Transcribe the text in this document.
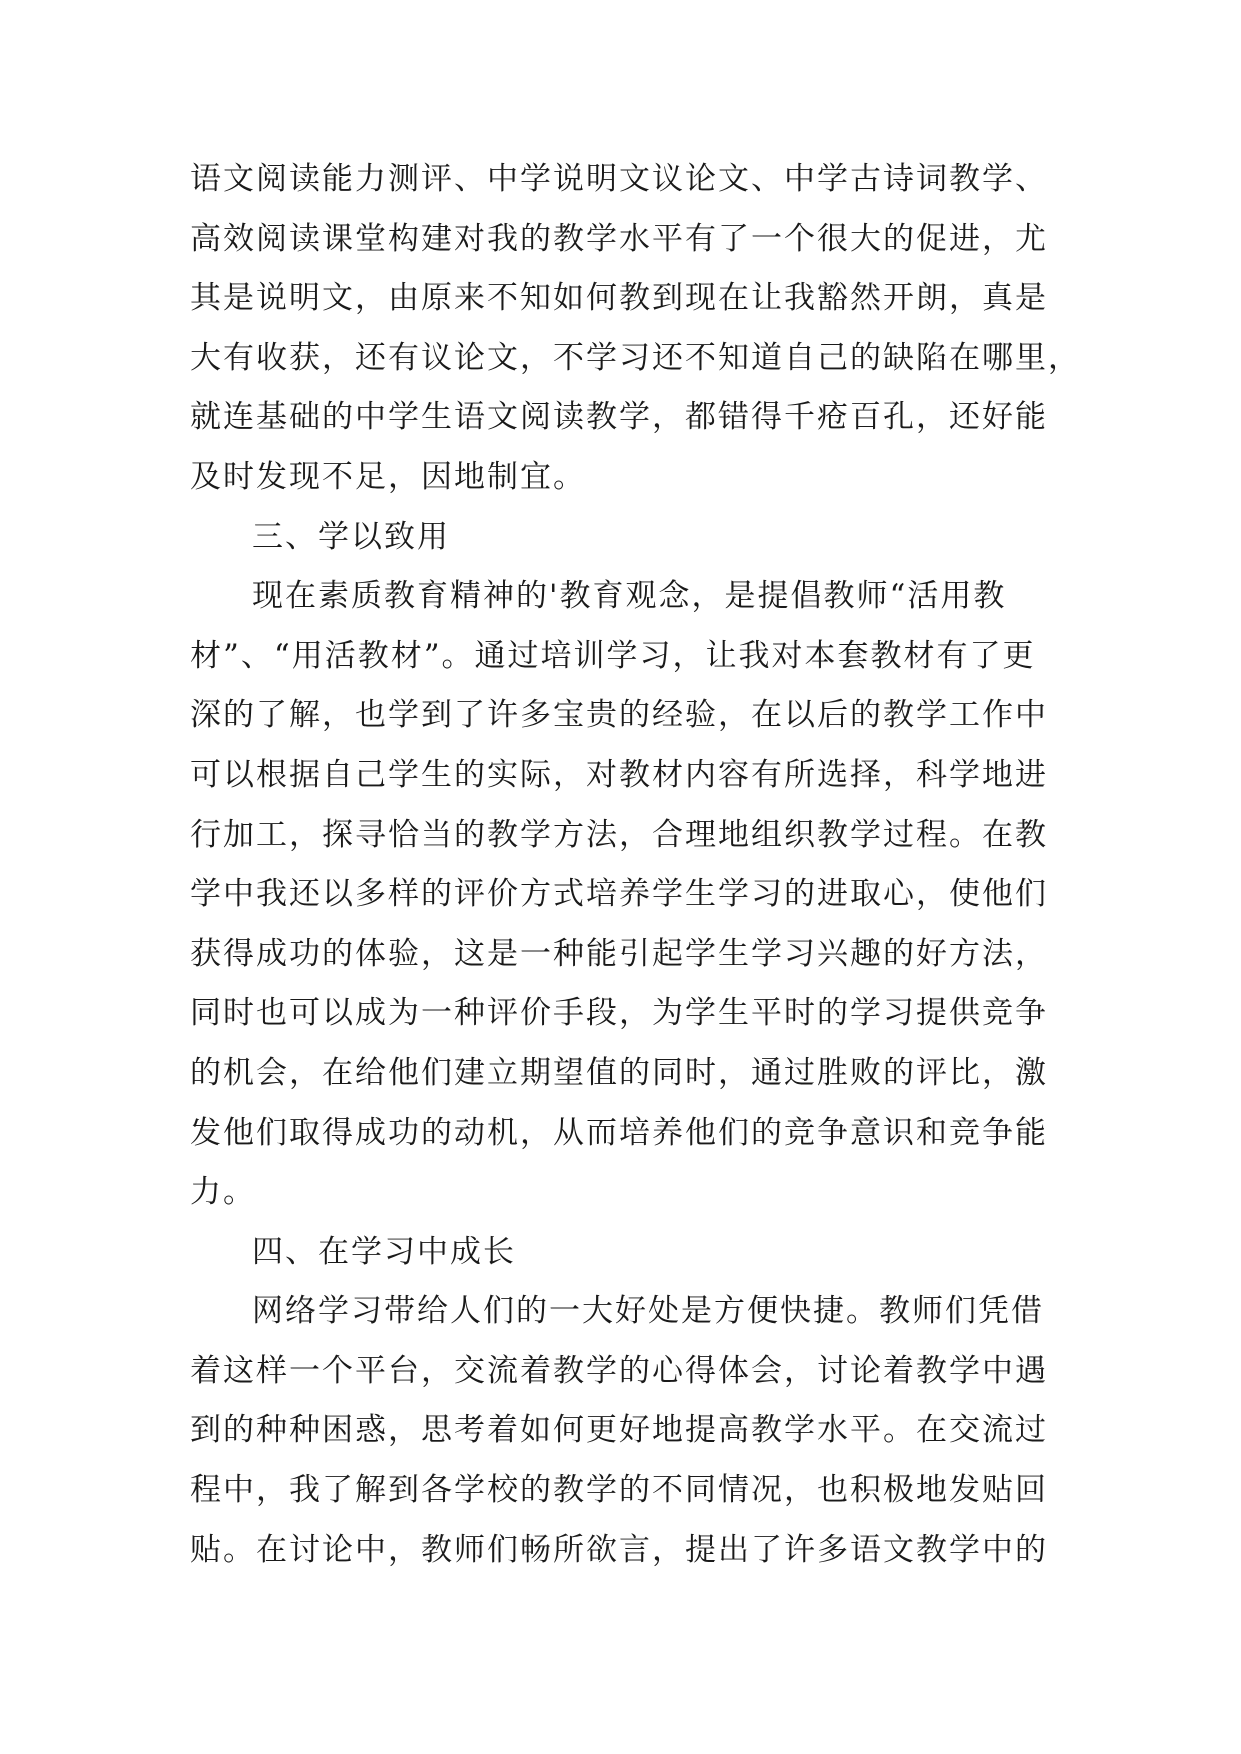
语文阅读能力测评、中学说明文议论文、中学古诗词教学、
高效阅读课堂构建对我的教学水平有了一个很大的促进，尤
其是说明文，由原来不知如何教到现在让我豁然开朗，真是
大有收获，还有议论文，不学习还不知道自己的缺陷在哪里，
就连基础的中学生语文阅读教学，都错得千疮百孔，还好能
及时发现不足，因地制宜。
三、学以致用
现在素质教育精神的'教育观念，是提倡教师“活用教
材”、“用活教材”。通过培训学习，让我对本套教材有了更
深的了解，也学到了许多宝贵的经验，在以后的教学工作中
可以根据自己学生的实际，对教材内容有所选择，科学地进
行加工，探寻恰当的教学方法，合理地组织教学过程。在教
学中我还以多样的评价方式培养学生学习的进取心，使他们
获得成功的体验，这是一种能引起学生学习兴趣的好方法，
同时也可以成为一种评价手段，为学生平时的学习提供竞争
的机会，在给他们建立期望值的同时，通过胜败的评比，激
发他们取得成功的动机，从而培养他们的竞争意识和竞争能
力。
四、在学习中成长
网络学习带给人们的一大好处是方便快捷。教师们凭借
着这样一个平台，交流着教学的心得体会，讨论着教学中遇
到的种种困惑，思考着如何更好地提高教学水平。在交流过
程中，我了解到各学校的教学的不同情况，也积极地发贴回
贴。在讨论中，教师们畅所欲言，提出了许多语文教学中的
